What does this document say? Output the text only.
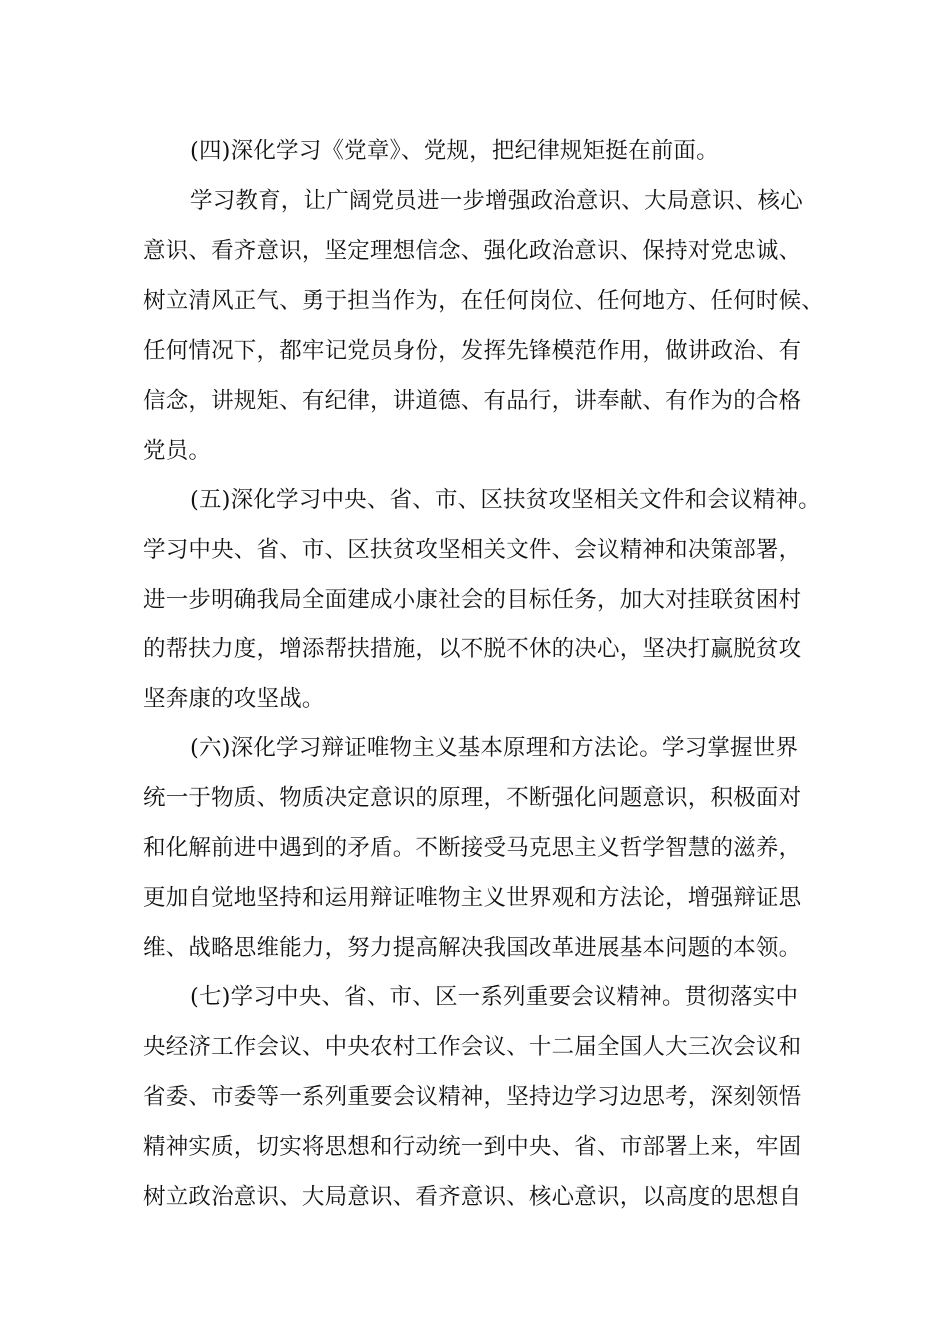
(四)深化学习《党章》、党规，把纪律规矩挺在前面。
学习教育，让广阔党员进一步增强政治意识、大局意识、核心
意识、看齐意识，坚定理想信念、强化政治意识、保持对党忠诚、
树立清风正气、勇于担当作为，在任何岗位、任何地方、任何时候、
任何情况下，都牢记党员身份，发挥先锋模范作用，做讲政治、有
信念，讲规矩、有纪律，讲道德、有品行，讲奉献、有作为的合格
党员。
(五)深化学习中央、省、市、区扶贫攻坚相关文件和会议精神。
学习中央、省、市、区扶贫攻坚相关文件、会议精神和决策部署，
进一步明确我局全面建成小康社会的目标任务，加大对挂联贫困村
的帮扶力度，增添帮扶措施，以不脱不休的决心，坚决打赢脱贫攻
坚奔康的攻坚战。
(六)深化学习辩证唯物主义基本原理和方法论。学习掌握世界
统一于物质、物质决定意识的原理，不断强化问题意识，积极面对
和化解前进中遇到的矛盾。不断接受马克思主义哲学智慧的滋养，
更加自觉地坚持和运用辩证唯物主义世界观和方法论，增强辩证思
维、战略思维能力，努力提高解决我国改革进展基本问题的本领。
(七)学习中央、省、市、区一系列重要会议精神。贯彻落实中
央经济工作会议、中央农村工作会议、十二届全国人大三次会议和
省委、市委等一系列重要会议精神，坚持边学习边思考，深刻领悟
精神实质，切实将思想和行动统一到中央、省、市部署上来，牢固
树立政治意识、大局意识、看齐意识、核心意识，以高度的思想自
